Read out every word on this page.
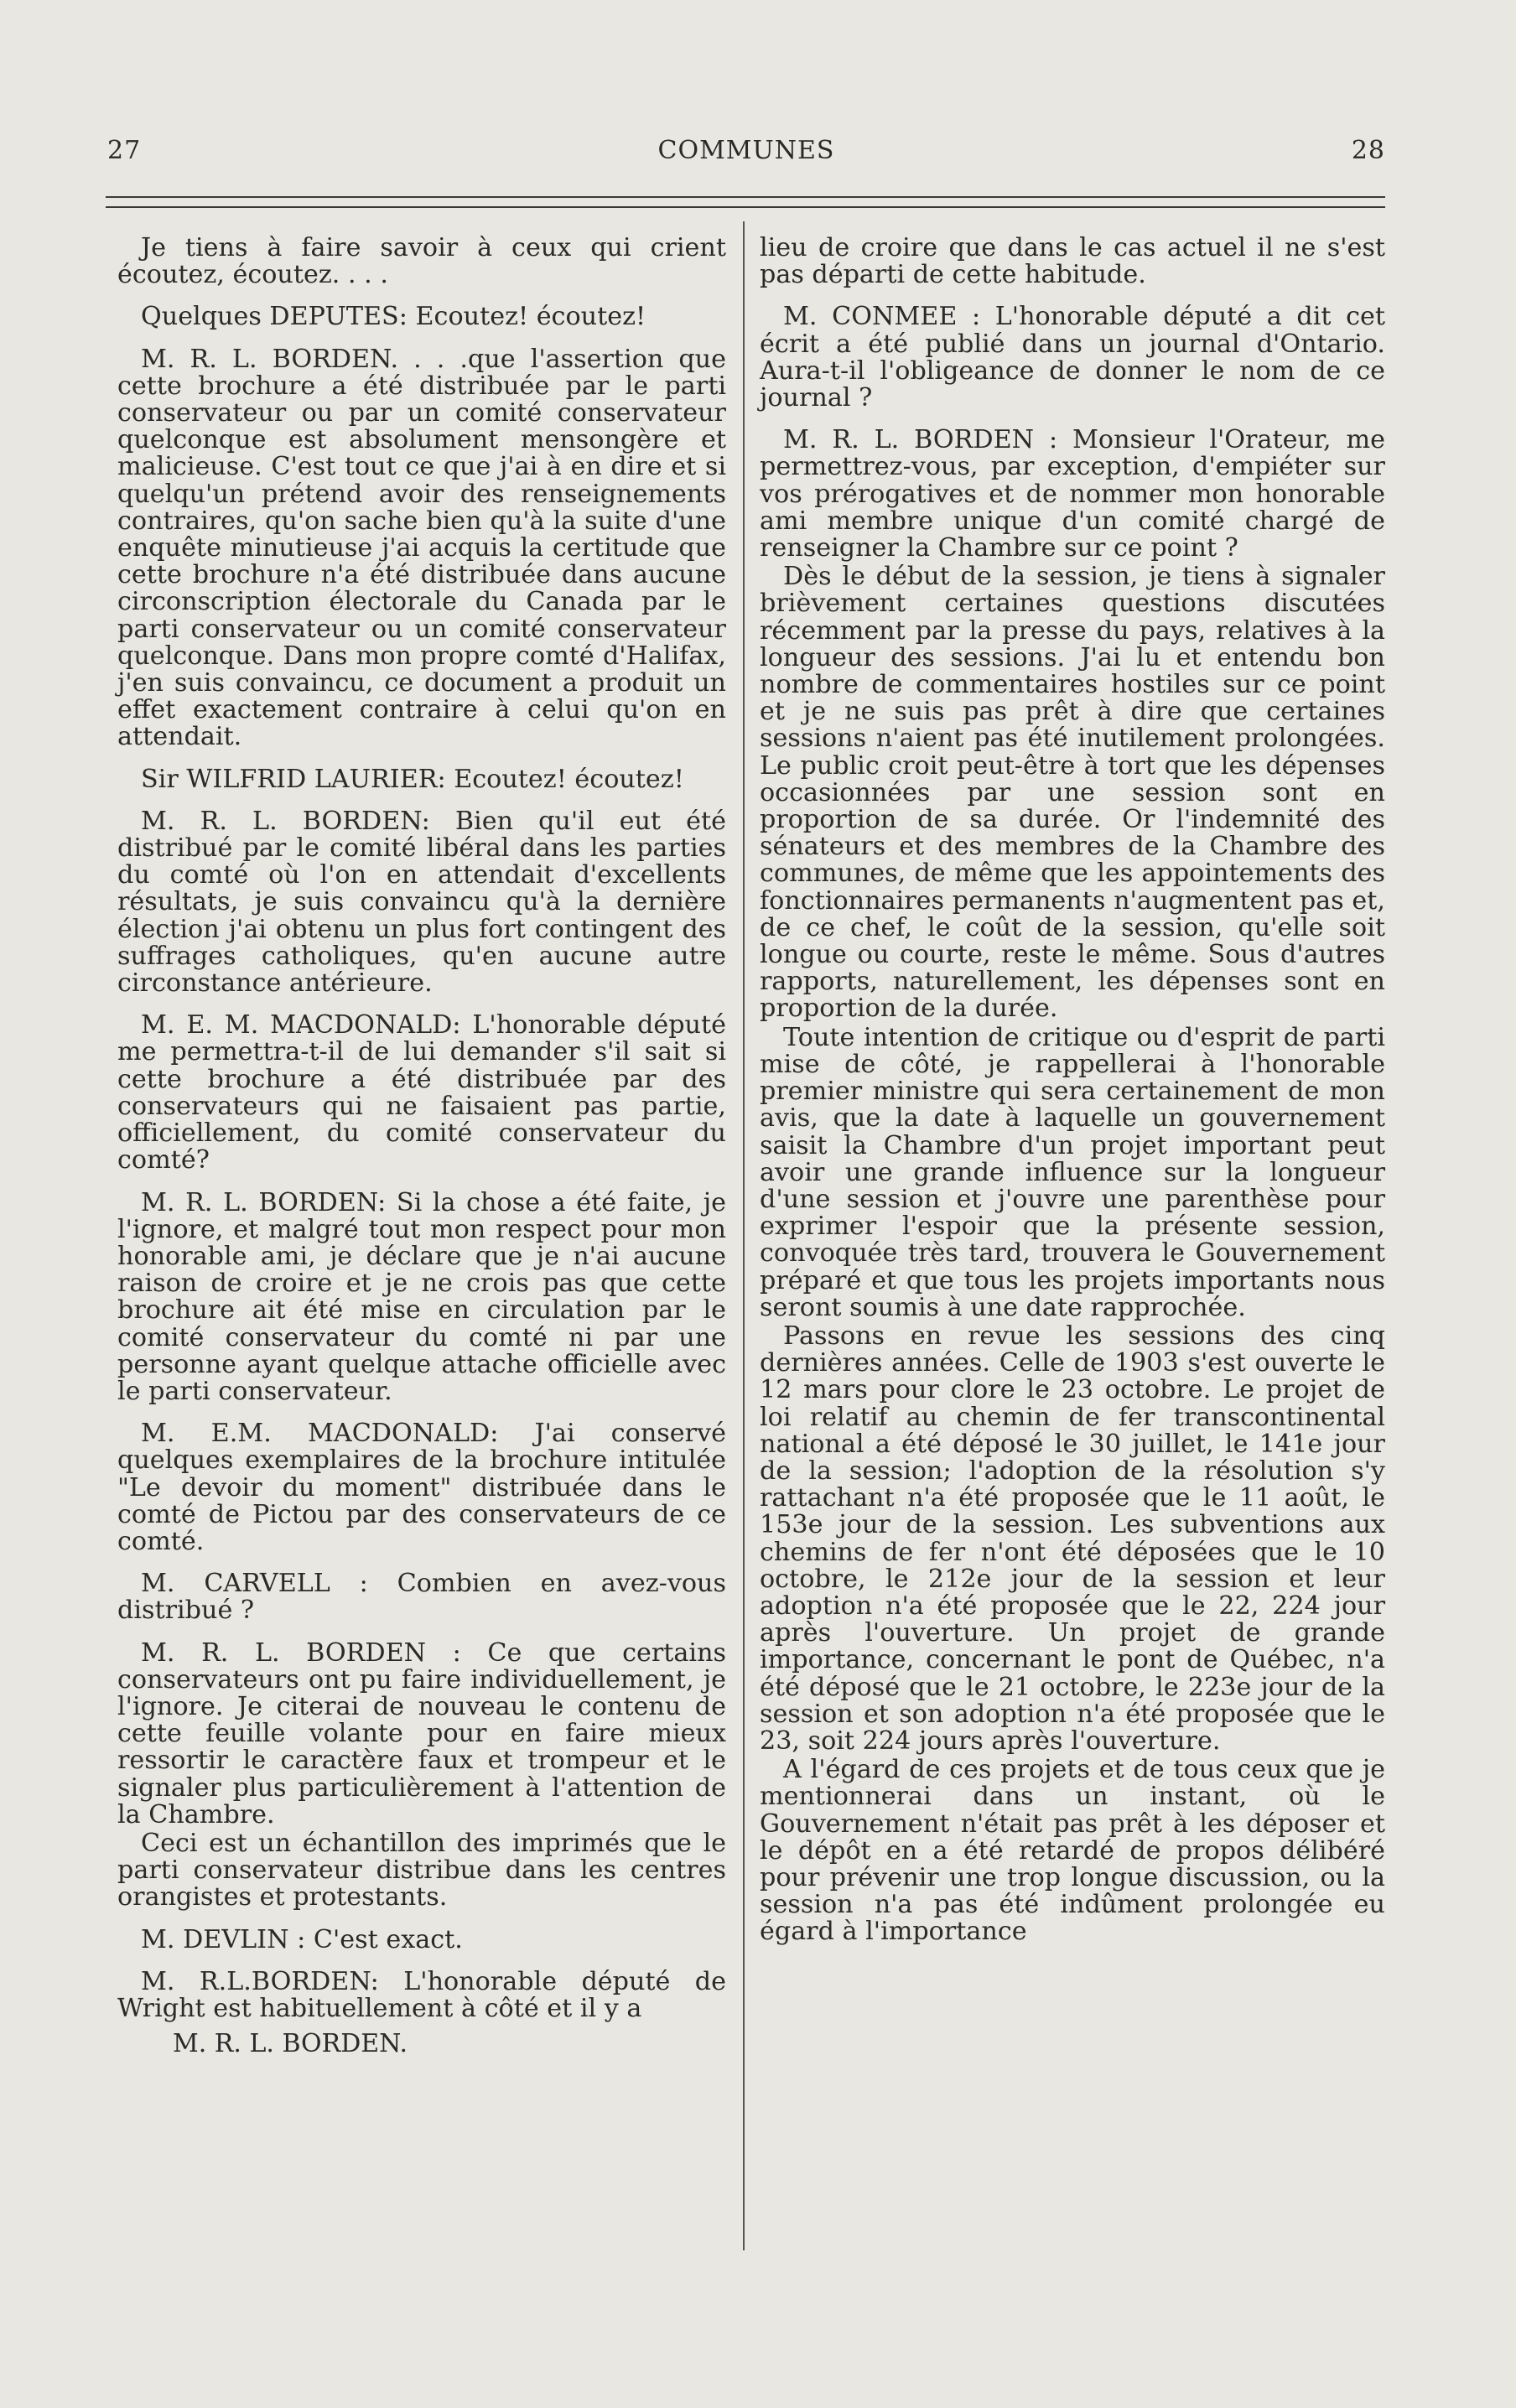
27	COMMUNES	28

Je tiens à faire savoir à ceux qui crient écoutez, écoutez. . . .

Quelques DEPUTES: Ecoutez! écoutez!

M. R. L. BORDEN. . . .que l'assertion que cette brochure a été distribuée par le parti conservateur ou par un comité conservateur quelconque est absolument mensongère et malicieuse. C'est tout ce que j'ai à en dire et si quelqu'un prétend avoir des renseignements contraires, qu'on sache bien qu'à la suite d'une enquête minutieuse j'ai acquis la certitude que cette brochure n'a été distribuée dans aucune circonscription électorale du Canada par le parti conservateur ou un comité conservateur quelconque. Dans mon propre comté d'Halifax, j'en suis convaincu, ce document a produit un effet exactement contraire à celui qu'on en attendait.

Sir WILFRID LAURIER: Ecoutez! écoutez!

M. R. L. BORDEN: Bien qu'il eut été distribué par le comité libéral dans les parties du comté où l'on en attendait d'excellents résultats, je suis convaincu qu'à la dernière élection j'ai obtenu un plus fort contingent des suffrages catholiques, qu'en aucune autre circonstance antérieure.

M. E. M. MACDONALD: L'honorable député me permettra-t-il de lui demander s'il sait si cette brochure a été distribuée par des conservateurs qui ne faisaient pas partie, officiellement, du comité conservateur du comté?

M. R. L. BORDEN: Si la chose a été faite, je l'ignore, et malgré tout mon respect pour mon honorable ami, je déclare que je n'ai aucune raison de croire et je ne crois pas que cette brochure ait été mise en circulation par le comité conservateur du comté ni par une personne ayant quelque attache officielle avec le parti conservateur.

M. E.M. MACDONALD: J'ai conservé quelques exemplaires de la brochure intitulée "Le devoir du moment" distribuée dans le comté de Pictou par des conservateurs de ce comté.

M. CARVELL : Combien en avez-vous distribué ?

M. R. L. BORDEN : Ce que certains conservateurs ont pu faire individuellement, je l'ignore. Je citerai de nouveau le contenu de cette feuille volante pour en faire mieux ressortir le caractère faux et trompeur et le signaler plus particulièrement à l'attention de la Chambre.

Ceci est un échantillon des imprimés que le parti conservateur distribue dans les centres orangistes et protestants.

M. DEVLIN : C'est exact.

M. R.L.BORDEN: L'honorable député de Wright est habituellement à côté et il y a

M. R. L. BORDEN.

lieu de croire que dans le cas actuel il ne s'est pas départi de cette habitude.

M. CONMEE : L'honorable député a dit cet écrit a été publié dans un journal d'Ontario. Aura-t-il l'obligeance de donner le nom de ce journal ?

M. R. L. BORDEN : Monsieur l'Orateur, me permettrez-vous, par exception, d'empiéter sur vos prérogatives et de nommer mon honorable ami membre unique d'un comité chargé de renseigner la Chambre sur ce point ?

Dès le début de la session, je tiens à signaler brièvement certaines questions discutées récemment par la presse du pays, relatives à la longueur des sessions. J'ai lu et entendu bon nombre de commentaires hostiles sur ce point et je ne suis pas prêt à dire que certaines sessions n'aient pas été inutilement prolongées. Le public croit peut-être à tort que les dépenses occasionnées par une session sont en proportion de sa durée. Or l'indemnité des sénateurs et des membres de la Chambre des communes, de même que les appointements des fonctionnaires permanents n'augmentent pas et, de ce chef, le coût de la session, qu'elle soit longue ou courte, reste le même. Sous d'autres rapports, naturellement, les dépenses sont en proportion de la durée.

Toute intention de critique ou d'esprit de parti mise de côté, je rappellerai à l'honorable premier ministre qui sera certainement de mon avis, que la date à laquelle un gouvernement saisit la Chambre d'un projet important peut avoir une grande influence sur la longueur d'une session et j'ouvre une parenthèse pour exprimer l'espoir que la présente session, convoquée très tard, trouvera le Gouvernement préparé et que tous les projets importants nous seront soumis à une date rapprochée.

Passons en revue les sessions des cinq dernières années. Celle de 1903 s'est ouverte le 12 mars pour clore le 23 octobre. Le projet de loi relatif au chemin de fer transcontinental national a été déposé le 30 juillet, le 141e jour de la session; l'adoption de la résolution s'y rattachant n'a été proposée que le 11 août, le 153e jour de la session. Les subventions aux chemins de fer n'ont été déposées que le 10 octobre, le 212e jour de la session et leur adoption n'a été proposée que le 22, 224 jour après l'ouverture. Un projet de grande importance, concernant le pont de Québec, n'a été déposé que le 21 octobre, le 223e jour de la session et son adoption n'a été proposée que le 23, soit 224 jours après l'ouverture.

A l'égard de ces projets et de tous ceux que je mentionnerai dans un instant, où le Gouvernement n'était pas prêt à les déposer et le dépôt en a été retardé de propos délibéré pour prévenir une trop longue discussion, ou la session n'a pas été indûment prolongée eu égard à l'importance
